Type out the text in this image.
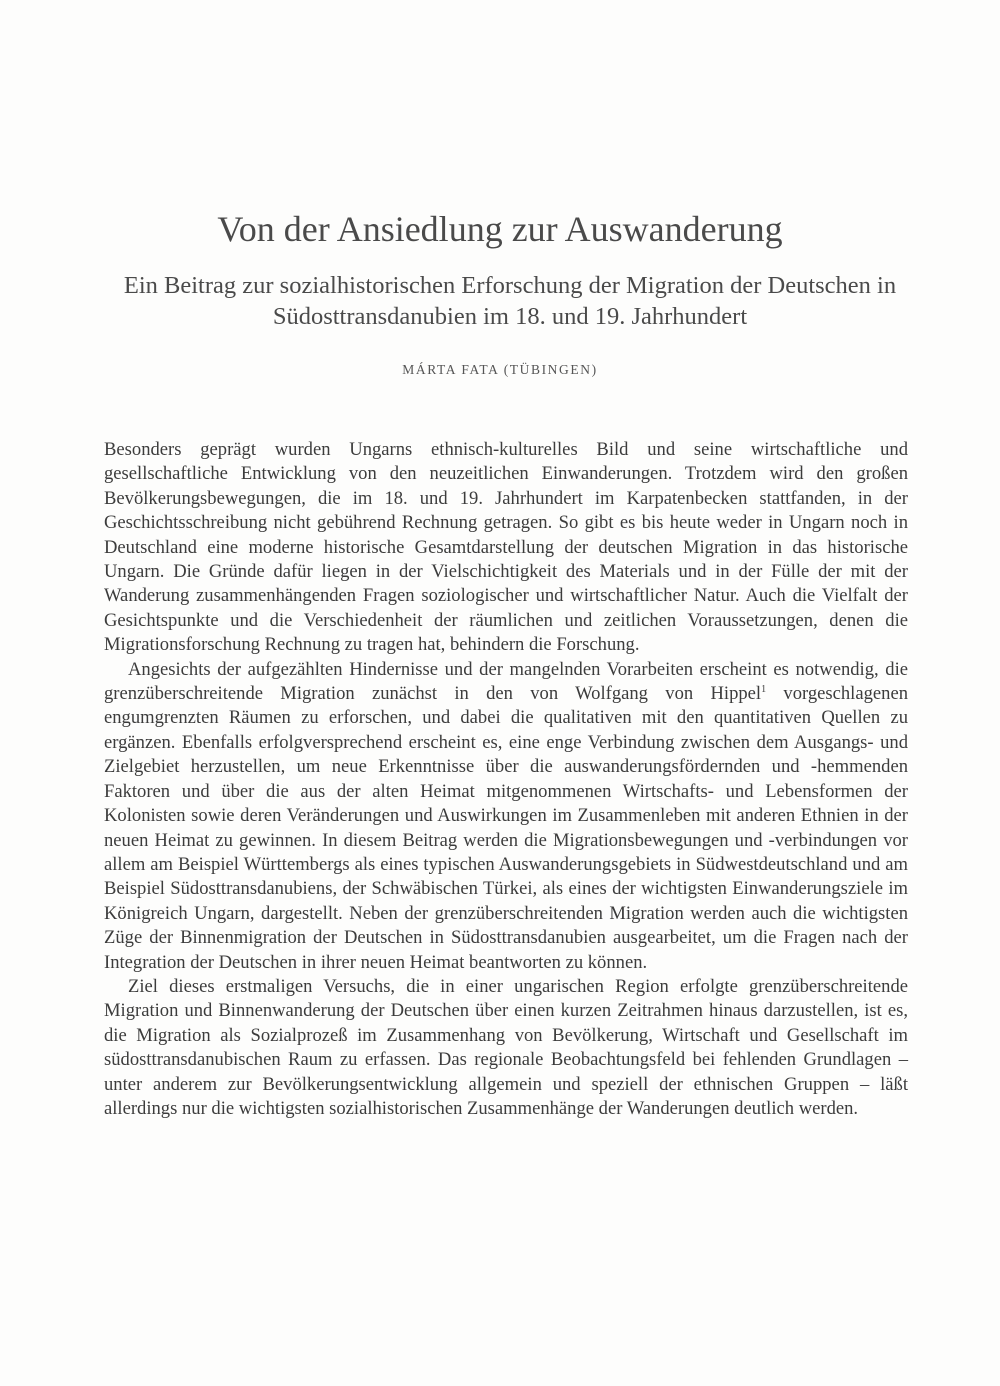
Von der Ansiedlung zur Auswanderung

Ein Beitrag zur sozialhistorischen Erforschung der Migration der Deutschen in Südosttransdanubien im 18. und 19. Jahrhundert

MÁRTA FATA (TÜBINGEN)

Besonders geprägt wurden Ungarns ethnisch-kulturelles Bild und seine wirtschaftliche und gesellschaftliche Entwicklung von den neuzeitlichen Einwanderungen. Trotzdem wird den großen Bevölkerungsbewegungen, die im 18. und 19. Jahrhundert im Karpatenbecken stattfanden, in der Geschichtsschreibung nicht gebührend Rechnung getragen. So gibt es bis heute weder in Ungarn noch in Deutschland eine moderne historische Gesamtdarstellung der deutschen Migration in das historische Ungarn. Die Gründe dafür liegen in der Vielschichtigkeit des Materials und in der Fülle der mit der Wanderung zusammenhängenden Fragen soziologischer und wirtschaftlicher Natur. Auch die Vielfalt der Gesichtspunkte und die Verschiedenheit der räumlichen und zeitlichen Voraussetzungen, denen die Migrationsforschung Rechnung zu tragen hat, behindern die Forschung.

Angesichts der aufgezählten Hindernisse und der mangelnden Vorarbeiten erscheint es notwendig, die grenzüberschreitende Migration zunächst in den von Wolfgang von Hippel$^1$ vorgeschlagenen engumgrenzten Räumen zu erforschen, und dabei die qualitativen mit den quantitativen Quellen zu ergänzen. Ebenfalls erfolgversprechend erscheint es, eine enge Verbindung zwischen dem Ausgangs- und Zielgebiet herzustellen, um neue Erkenntnisse über die auswanderungsfördernden und -hemmenden Faktoren und über die aus der alten Heimat mitgenommenen Wirtschafts- und Lebensformen der Kolonisten sowie deren Veränderungen und Auswirkungen im Zusammenleben mit anderen Ethnien in der neuen Heimat zu gewinnen. In diesem Beitrag werden die Migrationsbewegungen und -verbindungen vor allem am Beispiel Württembergs als eines typischen Auswanderungsgebiets in Südwestdeutschland und am Beispiel Südosttransdanubiens, der Schwäbischen Türkei, als eines der wichtigsten Einwanderungsziele im Königreich Ungarn, dargestellt. Neben der grenzüberschreitenden Migration werden auch die wichtigsten Züge der Binnenmigration der Deutschen in Südosttransdanubien ausgearbeitet, um die Fragen nach der Integration der Deutschen in ihrer neuen Heimat beantworten zu können.

Ziel dieses erstmaligen Versuchs, die in einer ungarischen Region erfolgte grenzüberschreitende Migration und Binnenwanderung der Deutschen über einen kurzen Zeitrahmen hinaus darzustellen, ist es, die Migration als Sozialprozeß im Zusammenhang von Bevölkerung, Wirtschaft und Gesellschaft im südosttransdanubischen Raum zu erfassen. Das regionale Beobachtungsfeld bei fehlenden Grundlagen – unter anderem zur Bevölkerungsentwicklung allgemein und speziell der ethnischen Gruppen – läßt allerdings nur die wichtigsten sozialhistorischen Zusammenhänge der Wanderungen deutlich werden.
